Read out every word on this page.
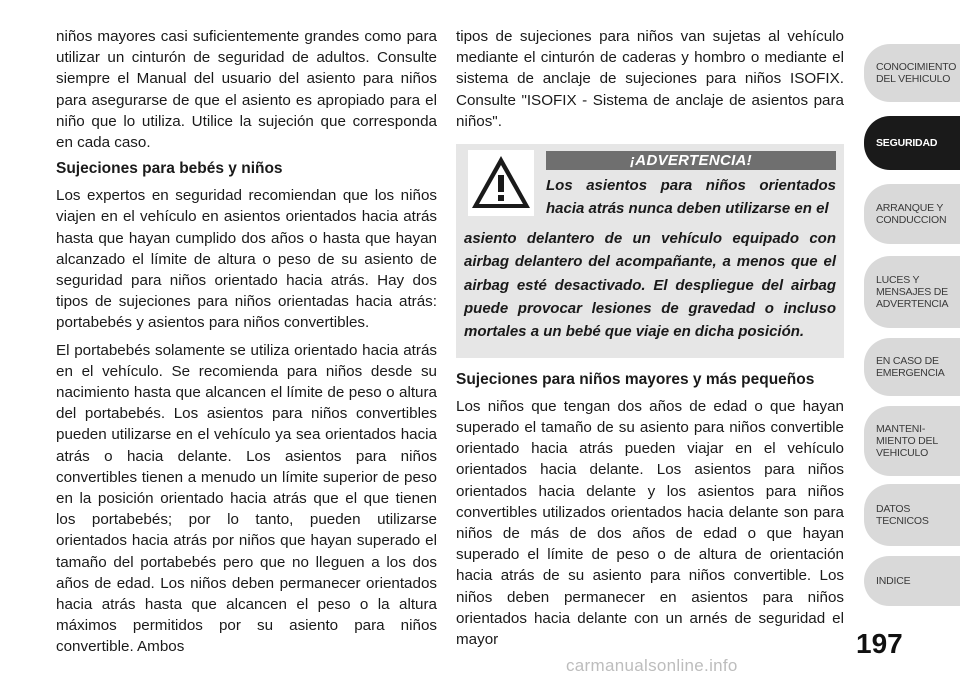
niños mayores casi suficientemente grandes como para utilizar un cinturón de seguridad de adultos. Consulte siempre el Manual del usuario del asiento para niños para asegurarse de que el asiento es apropiado para el niño que lo utiliza. Utilice la sujeción que corresponda en cada caso.

Sujeciones para bebés y niños

Los expertos en seguridad recomiendan que los niños viajen en el vehículo en asientos orientados hacia atrás hasta que hayan cumplido dos años o hasta que hayan alcanzado el límite de altura o peso de su asiento de seguridad para niños orientado hacia atrás. Hay dos tipos de sujeciones para niños orientadas hacia atrás: portabebés y asientos para niños convertibles.

El portabebés solamente se utiliza orientado hacia atrás en el vehículo. Se recomienda para niños desde su nacimiento hasta que alcancen el límite de peso o altura del portabebés. Los asientos para niños convertibles pueden utilizarse en el vehículo ya sea orientados hacia atrás o hacia delante. Los asientos para niños convertibles tienen a menudo un límite superior de peso en la posición orientado hacia atrás que el que tienen los portabebés; por lo tanto, pueden utilizarse orientados hacia atrás por niños que hayan superado el tamaño del portabebés pero que no lleguen a los dos años de edad. Los niños deben permanecer orientados hacia atrás hasta que alcancen el peso o la altura máximos permitidos por su asiento para niños convertible. Ambos

tipos de sujeciones para niños van sujetas al vehículo mediante el cinturón de caderas y hombro o mediante el sistema de anclaje de sujeciones para niños ISOFIX. Consulte "ISOFIX - Sistema de anclaje de asientos para niños".

¡ADVERTENCIA!

Los asientos para niños orientados hacia atrás nunca deben utilizarse en el

asiento delantero de un vehículo equipado con airbag delantero del acompañante, a menos que el airbag esté desactivado. El despliegue del airbag puede provocar lesiones de gravedad o incluso mortales a un bebé que viaje en dicha posición.

Sujeciones para niños mayores y más pequeños

Los niños que tengan dos años de edad o que hayan superado el tamaño de su asiento para niños convertible orientado hacia atrás pueden viajar en el vehículo orientados hacia delante. Los asientos para niños orientados hacia delante y los asientos para niños convertibles utilizados orientados hacia delante son para niños de más de dos años de edad o que hayan superado el límite de peso o de altura de orientación hacia atrás de su asiento para niños convertible. Los niños deben permanecer en asientos para niños orientados hacia delante con un arnés de seguridad el mayor

CONOCIMIENTO
DEL VEHICULO
SEGURIDAD
ARRANQUE Y
CONDUCCION
LUCES Y
MENSAJES DE
ADVERTENCIA
EN CASO DE
EMERGENCIA
MANTENI-
MIENTO DEL
VEHICULO
DATOS
TECNICOS
INDICE
197
carmanualsonline.info
